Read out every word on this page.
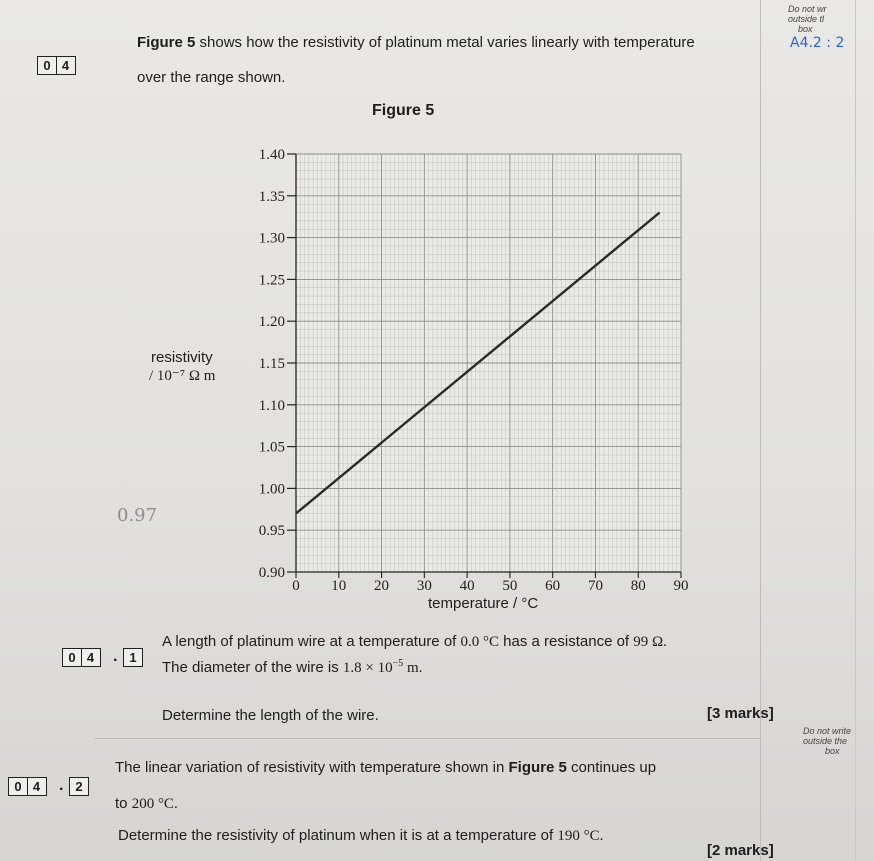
Do not wr
outside tl
box
A4.2 : 2
0 4
Figure 5 shows how the resistivity of platinum metal varies linearly with temperature
over the range shown.
Figure 5
resistivity
/ 10⁻⁷ Ω m
0.97
0.90
0.95
1.00
1.05
1.10
1.15
1.20
1.25
1.30
1.35
1.40
0 10 20 30 40 50 60 70 80 90
temperature / °C
0 4	. 1
A length of platinum wire at a temperature of 0.0 °C has a resistance of 99 Ω.
The diameter of the wire is $1.8 \times 10^{-5}$ m.
Determine the length of the wire.	[3 marks]
Do not write
outside the
box
0 4	. 2
The linear variation of resistivity with temperature shown in Figure 5 continues up
to 200 °C.
Determine the resistivity of platinum when it is at a temperature of 190 °C.
[2 marks]
